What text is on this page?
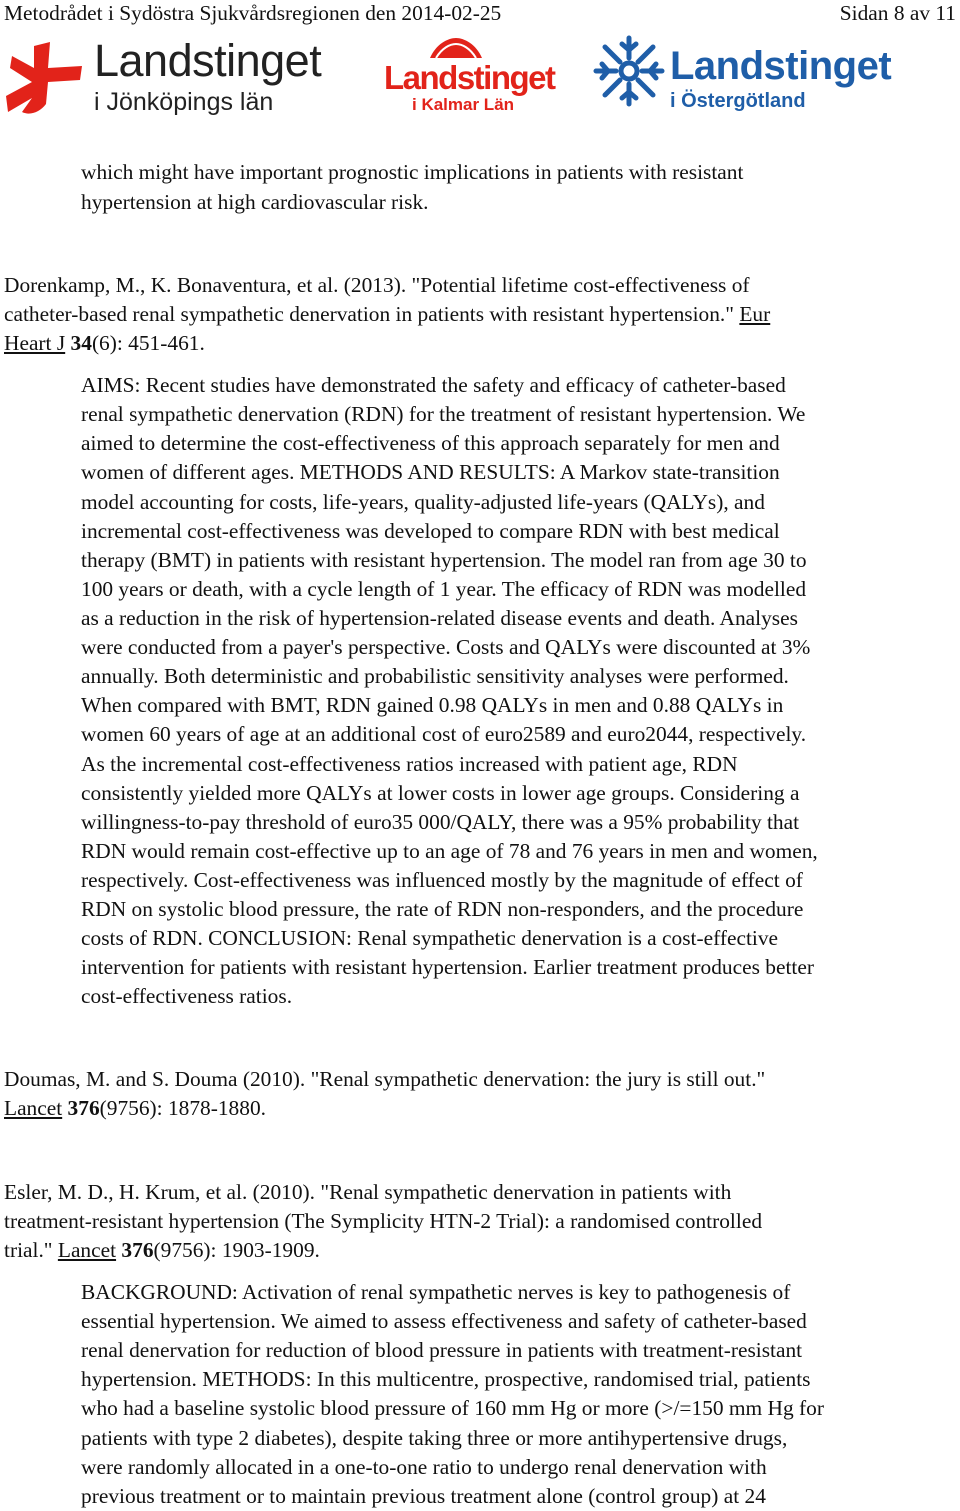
Metodrådet i Sydöstra Sjukvårdsregionen den 2014-02-25	Sidan 8 av 11
Landstinget
i Jönköpings län
Landstinget
i Kalmar Län
Landstinget
i Östergötland

which might have important prognostic implications in patients with resistant

hypertension at high cardiovascular risk.

Dorenkamp, M., K. Bonaventura, et al. (2013). "Potential lifetime cost-effectiveness of

catheter-based renal sympathetic denervation in patients with resistant hypertension." Eur

Heart J 34(6): 451-461.

AIMS: Recent studies have demonstrated the safety and efficacy of catheter-based

renal sympathetic denervation (RDN) for the treatment of resistant hypertension. We

aimed to determine the cost-effectiveness of this approach separately for men and

women of different ages. METHODS AND RESULTS: A Markov state-transition

model accounting for costs, life-years, quality-adjusted life-years (QALYs), and

incremental cost-effectiveness was developed to compare RDN with best medical

therapy (BMT) in patients with resistant hypertension. The model ran from age 30 to

100 years or death, with a cycle length of 1 year. The efficacy of RDN was modelled

as a reduction in the risk of hypertension-related disease events and death. Analyses

were conducted from a payer's perspective. Costs and QALYs were discounted at 3%

annually. Both deterministic and probabilistic sensitivity analyses were performed.

When compared with BMT, RDN gained 0.98 QALYs in men and 0.88 QALYs in

women 60 years of age at an additional cost of euro2589 and euro2044, respectively.

As the incremental cost-effectiveness ratios increased with patient age, RDN

consistently yielded more QALYs at lower costs in lower age groups. Considering a

willingness-to-pay threshold of euro35 000/QALY, there was a 95% probability that

RDN would remain cost-effective up to an age of 78 and 76 years in men and women,

respectively. Cost-effectiveness was influenced mostly by the magnitude of effect of

RDN on systolic blood pressure, the rate of RDN non-responders, and the procedure

costs of RDN. CONCLUSION: Renal sympathetic denervation is a cost-effective

intervention for patients with resistant hypertension. Earlier treatment produces better

cost-effectiveness ratios.

Doumas, M. and S. Douma (2010). "Renal sympathetic denervation: the jury is still out."

Lancet 376(9756): 1878-1880.

Esler, M. D., H. Krum, et al. (2010). "Renal sympathetic denervation in patients with

treatment-resistant hypertension (The Symplicity HTN-2 Trial): a randomised controlled

trial." Lancet 376(9756): 1903-1909.

BACKGROUND: Activation of renal sympathetic nerves is key to pathogenesis of

essential hypertension. We aimed to assess effectiveness and safety of catheter-based

renal denervation for reduction of blood pressure in patients with treatment-resistant

hypertension. METHODS: In this multicentre, prospective, randomised trial, patients

who had a baseline systolic blood pressure of 160 mm Hg or more (>/=150 mm Hg for

patients with type 2 diabetes), despite taking three or more antihypertensive drugs,

were randomly allocated in a one-to-one ratio to undergo renal denervation with

previous treatment or to maintain previous treatment alone (control group) at 24
